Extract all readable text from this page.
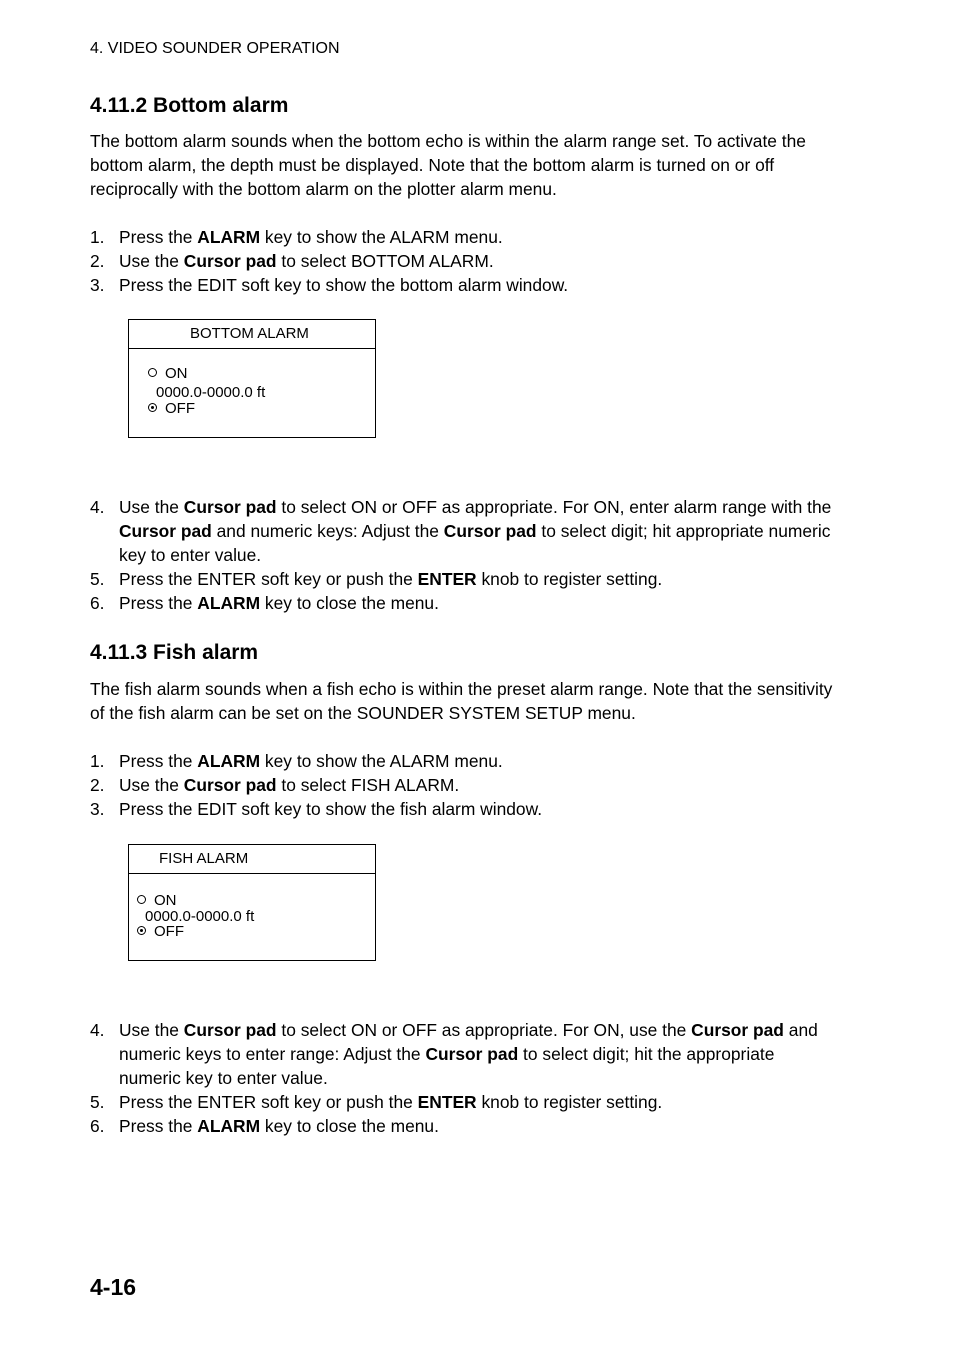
4. VIDEO SOUNDER OPERATION
4.11.2 Bottom alarm
The bottom alarm sounds when the bottom echo is within the alarm range set. To activate the bottom alarm, the depth must be displayed. Note that the bottom alarm is turned on or off reciprocally with the bottom alarm on the plotter alarm menu.
1. Press the ALARM key to show the ALARM menu.
2. Use the Cursor pad to select BOTTOM ALARM.
3. Press the EDIT soft key to show the bottom alarm window.
BOTTOM ALARM
ON
0000.0-0000.0 ft
OFF
4. Use the Cursor pad to select ON or OFF as appropriate. For ON, enter alarm range with the Cursor pad and numeric keys: Adjust the Cursor pad to select digit; hit appropriate numeric key to enter value.
5. Press the ENTER soft key or push the ENTER knob to register setting.
6. Press the ALARM key to close the menu.
4.11.3 Fish alarm
The fish alarm sounds when a fish echo is within the preset alarm range. Note that the sensitivity of the fish alarm can be set on the SOUNDER SYSTEM SETUP menu.
1. Press the ALARM key to show the ALARM menu.
2. Use the Cursor pad to select FISH ALARM.
3. Press the EDIT soft key to show the fish alarm window.
FISH ALARM
ON
0000.0-0000.0 ft
OFF
4. Use the Cursor pad to select ON or OFF as appropriate. For ON, use the Cursor pad and numeric keys to enter range: Adjust the Cursor pad to select digit; hit the appropriate numeric key to enter value.
5. Press the ENTER soft key or push the ENTER knob to register setting.
6. Press the ALARM key to close the menu.
4-16
